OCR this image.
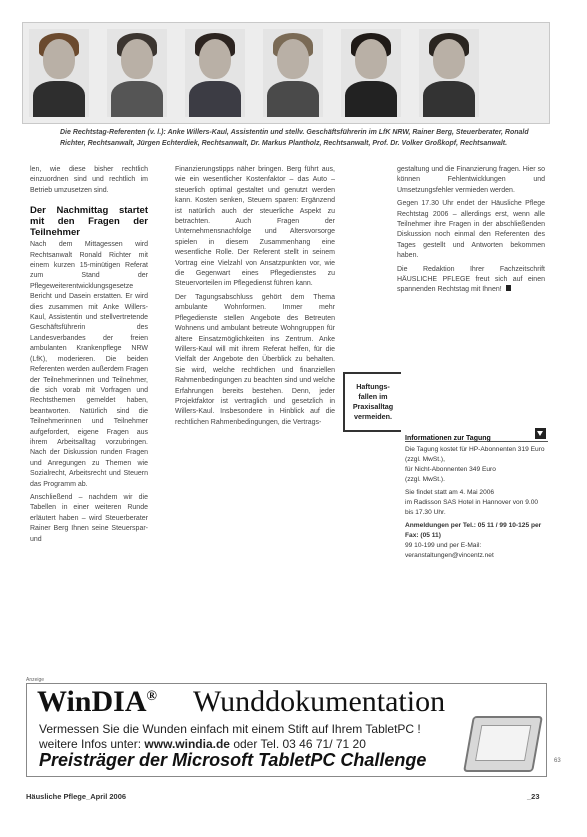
Die Rechtstag-Referenten (v. l.): Anke Willers-Kaul, Assistentin und stellv. Geschäftsführerin im LfK NRW, Rainer Berg, Steuerberater, Ronald Richter, Rechtsanwalt, Jürgen Echterdiek, Rechtsanwalt, Dr. Markus Plantholz, Rechtsanwalt, Prof. Dr. Volker Großkopf, Rechtsanwalt.

len, wie diese bisher rechtlich einzuordnen sind und rechtlich im Betrieb umzusetzen sind.

Der Nachmittag startet mit den Fragen der Teilnehmer

Nach dem Mittagessen wird Rechtsanwalt Ronald Richter mit einem kurzen 15-minütigen Referat zum Stand der Pflegeweiterentwicklungsgesetze Bericht und Dasein erstatten. Er wird dies zusammen mit Anke Willers-Kaul, Assistentin und stellvertretende Geschäftsführerin des Landesverbandes der freien ambulanten Krankenpflege NRW (LfK), moderieren. Die beiden Referenten werden außerdem Fragen der Teilnehmerinnen und Teilnehmer, die sich vorab mit Vorfragen und Rechtsthemen gemeldet haben, beantworten. Natürlich sind die Teilnehmerinnen und Teilnehmer aufgefordert, eigene Fragen aus ihrem Arbeitsalltag vorzubringen. Nach der Diskussion runden Fragen und Anregungen zu Themen wie Sozialrecht, Arbeitsrecht und Steuern das Programm ab.

Anschließend – nachdem wir die Tabellen in einer weiteren Runde erläutert haben – wird Steuerberater Rainer Berg Ihnen seine Steuerspar- und

Finanzierungstipps näher bringen. Berg führt aus, wie ein wesentlicher Kostenfaktor – das Auto – steuerlich optimal gestaltet und genutzt werden kann. Kosten senken, Steuern sparen: Ergänzend ist natürlich auch der steuerliche Aspekt zu betrachten. Auch Fragen der Unternehmensnachfolge und Altersvorsorge spielen in diesem Zusammenhang eine wesentliche Rolle. Der Referent stellt in seinem Vortrag eine Vielzahl von Ansatzpunkten vor, wie die Gegenwart eines Pflegedienstes zu Steuervorteilen im Pflegedienst führen kann.

Der Tagungsabschluss gehört dem Thema ambulante Wohnformen. Immer mehr Pflegedienste stellen Angebote des Betreuten Wohnens und ambulant betreute Wohngruppen für ältere Einsatzmöglichkeiten ins Zentrum. Anke Willers-Kaul will mit ihrem Referat helfen, für die Vielfalt der Angebote den Überblick zu behalten. Sie wird, welche rechtlichen und finanziellen Rahmenbedingungen zu beachten sind und welche Erfahrungen bereits bestehen. Denn, jeder Projektfaktor ist vertraglich und gesetzlich in Willers-Kaul. Insbesondere in Hinblick auf die rechtlichen Rahmenbedingungen, die Vertrags-

gestaltung und die Finanzierung fragen. Hier so können Fehlentwicklungen und Umsetzungsfehler vermieden werden.

Gegen 17.30 Uhr endet der Häusliche Pflege Rechtstag 2006 – allerdings erst, wenn alle Teilnehmer ihre Fragen in der abschließenden Diskussion noch einmal den Referenten des Tages gestellt und Antworten bekommen haben.

Die Redaktion Ihrer Fachzeitschrift HÄUSLICHE PFLEGE freut sich auf einen spannenden Rechtstag mit Ihnen!

Haftungs-
fallen im
Praxisalltag
vermeiden.
Informationen zur Tagung

Die Tagung kostet für HP-Abonnenten 319 Euro (zzgl. MwSt.),

für Nicht-Abonnenten 349 Euro

(zzgl. MwSt.).

Sie findet statt am 4. Mai 2006

im Radisson SAS Hotel in Hannover von 9.00 bis 17.30 Uhr.

Anmeldungen per Tel.: 05 11 / 99 10-125 per Fax: (05 11)

99 10-199 und per E-Mail:

veranstaltungen@vincentz.net

Anzeige
WinDIA® Wunddokumentation
Vermessen Sie die Wunden einfach mit einem Stift auf Ihrem TabletPC !
weitere Infos unter: www.windia.de oder Tel. 03 46 71/ 71 20
Preisträger der Microsoft TabletPC Challenge	63
Häusliche Pflege_April 2006	_23
